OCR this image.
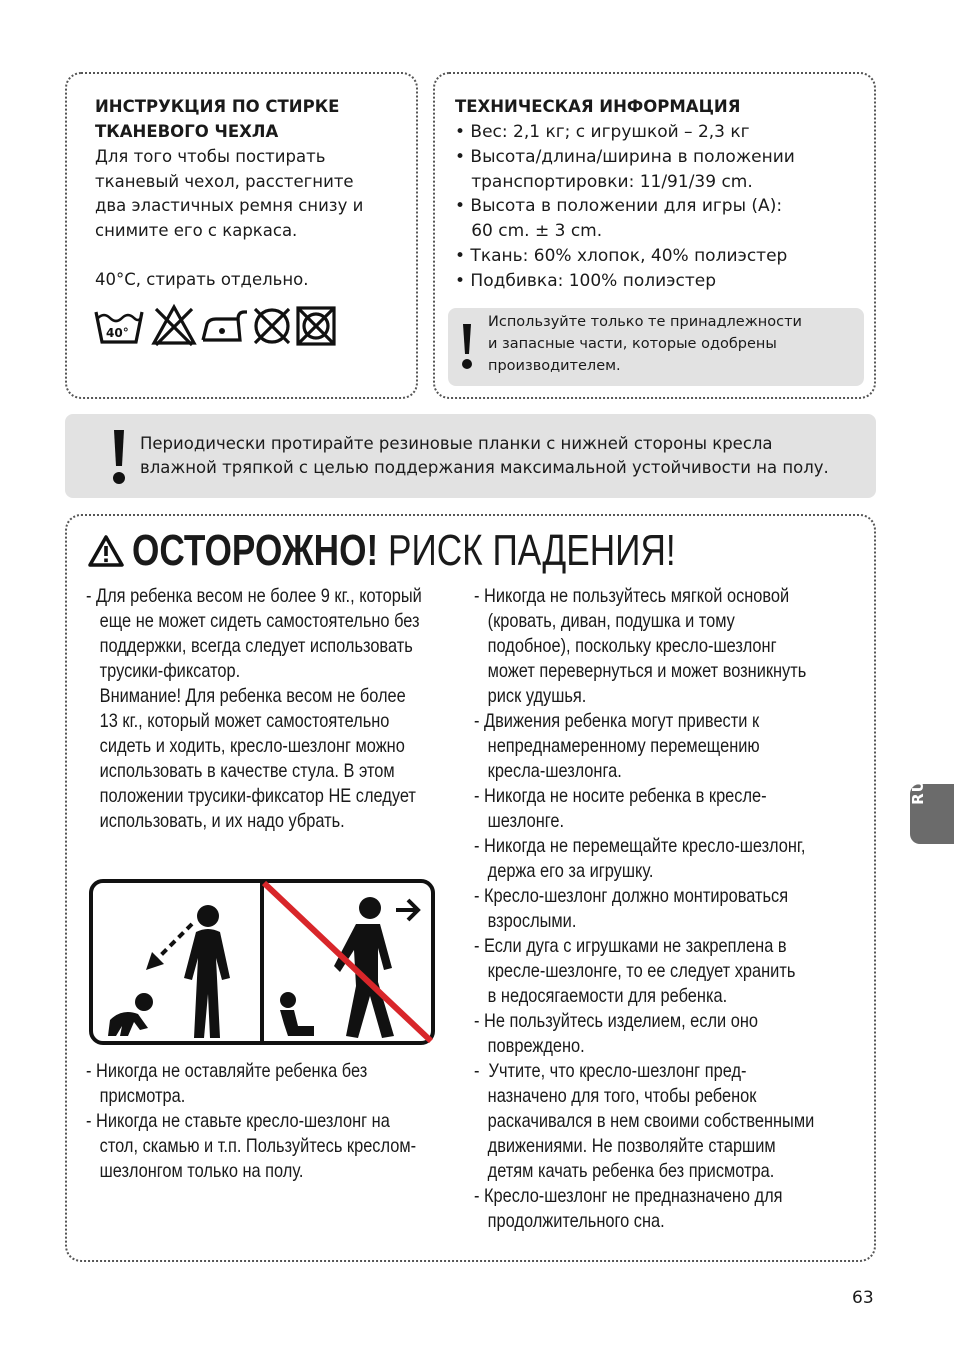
ИНСТРУКЦИЯ ПО СТИРКЕ
ТКАНЕВОГО ЧЕХЛА
Для того чтобы постирать
тканевый чехол, расстегните
два эластичных ремня снизу и
снимите его с каркаса.
40°C, стирать отдельно.
40°
ТЕХНИЧЕСКАЯ ИНФОРМАЦИЯ
• Вес: 2,1 кг; с игрушкой – 2,3 кг
• Высота/длина/ширина в положении
транспортировки: 11/91/39 cm.
• Высота в положении для игры (A):
60 cm. ± 3 cm.
• Ткань: 60% хлопок, 40% полиэстер
• Подбивка: 100% полиэстер
Используйте только те принадлежности
и запасные части, которые одобрены
производителем.
Периодически протирайте резиновые планки с нижней стороны кресла
влажной тряпкой с целью поддержания максимальной устойчивости на полу.
ОСТОРОЖНО! РИСК ПАДЕНИЯ!
- Для ребенка весом не более 9 кг., который
еще не может сидеть самостоятельно без
поддержки, всегда следует использовать
трусики-фиксатор.
Внимание! Для ребенка весом не более
13 кг., который может самостоятельно
сидеть и ходить, кресло-шезлонг можно
использовать в качестве стула. В этом
положении трусики-фиксатор НЕ следует
использовать, и их надо убрать.
- Никогда не оставляйте ребенка без
присмотра.
- Никогда не ставьте кресло-шезлонг на
стол, скамью и т.п. Пользуйтесь креслом-
шезлонгом только на полу.
- Никогда не пользуйтесь мягкой основой
(кровать, диван, подушка и тому
подобное), поскольку кресло-шезлонг
может перевернуться и может возникнуть
риск удушья.
- Движения ребенка могут привести к
непреднамеренному перемещению
кресла-шезлонга.
- Никогда не носите ребенка в кресле-
шезлонге.
- Никогда не перемещайте кресло-шезлонг,
держа его за игрушку.
- Кресло-шезлонг должно монтироваться
взрослыми.
- Если дуга с игрушками не закреплена в
кресле-шезлонге, то ее следует хранить
в недосягаемости для ребенка.
- Не пользуйтесь изделием, если оно
повреждено.
-  Учтите, что кресло-шезлонг пред-
назначено для того, чтобы ребенок
раскачивался в нем своими собственными
движениями. Не позволяйте старшим
детям качать ребенка без присмотра.
- Кресло-шезлонг не предназначено для
продолжительного сна.
RU
63
